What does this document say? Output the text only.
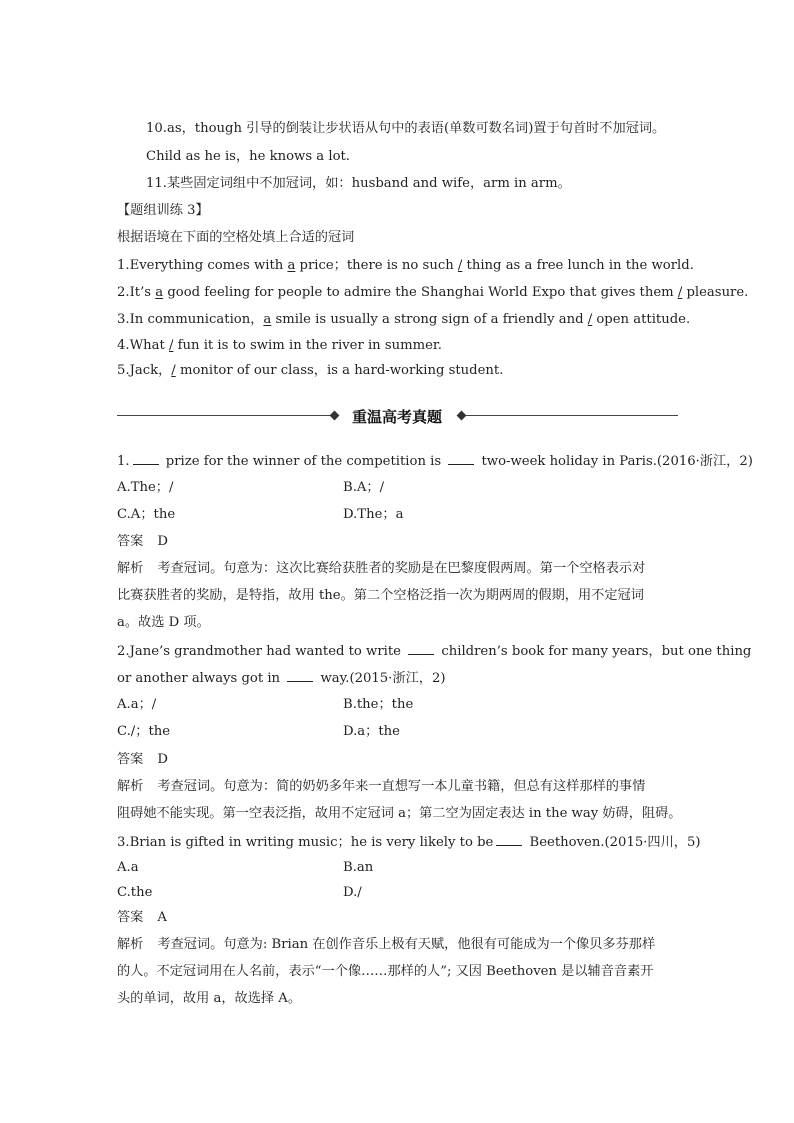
10.as，though 引导的倒装让步状语从句中的表语(单数可数名词)置于句首时不加冠词。
Child as he is，he knows a lot.
11.某些固定词组中不加冠词，如：husband and wife，arm in arm。
【题组训练 3】
根据语境在下面的空格处填上合适的冠词
1.Everything comes with a price；there is no such / thing as a free lunch in the world.
2.It’s a good feeling for people to admire the Shanghai World Expo that gives them / pleasure.
3.In communication，a smile is usually a strong sign of a friendly and / open attitude.
4.What / fun it is to swim in the river in summer.
5.Jack，/ monitor of our class，is a hard-working student.
重温高考真题
1. prize for the winner of the competition is  two-week holiday in Paris.(2016·浙江，2)
A.The；/	B.A；/
C.A；the	D.The；a
答案 D
解析 考查冠词。句意为：这次比赛给获胜者的奖励是在巴黎度假两周。第一个空格表示对
比赛获胜者的奖励，是特指，故用 the。第二个空格泛指一次为期两周的假期，用不定冠词
a。故选 D 项。
2.Jane’s grandmother had wanted to write  children’s book for many years，but one thing
or another always got in  way.(2015·浙江，2)
A.a；/	B.the；the
C./；the	D.a；the
答案 D
解析 考查冠词。句意为：简的奶奶多年来一直想写一本儿童书籍，但总有这样那样的事情
阻碍她不能实现。第一空表泛指，故用不定冠词 a；第二空为固定表达 in the way 妨碍，阻碍。
3.Brian is gifted in writing music；he is very likely to be Beethoven.(2015·四川，5)
A.a	B.an
C.the	D./
答案 A
解析 考查冠词。句意为: Brian 在创作音乐上极有天赋，他很有可能成为一个像贝多芬那样
的人。不定冠词用在人名前，表示“一个像……那样的人”; 又因 Beethoven 是以辅音音素开
头的单词，故用 a，故选择 A。
